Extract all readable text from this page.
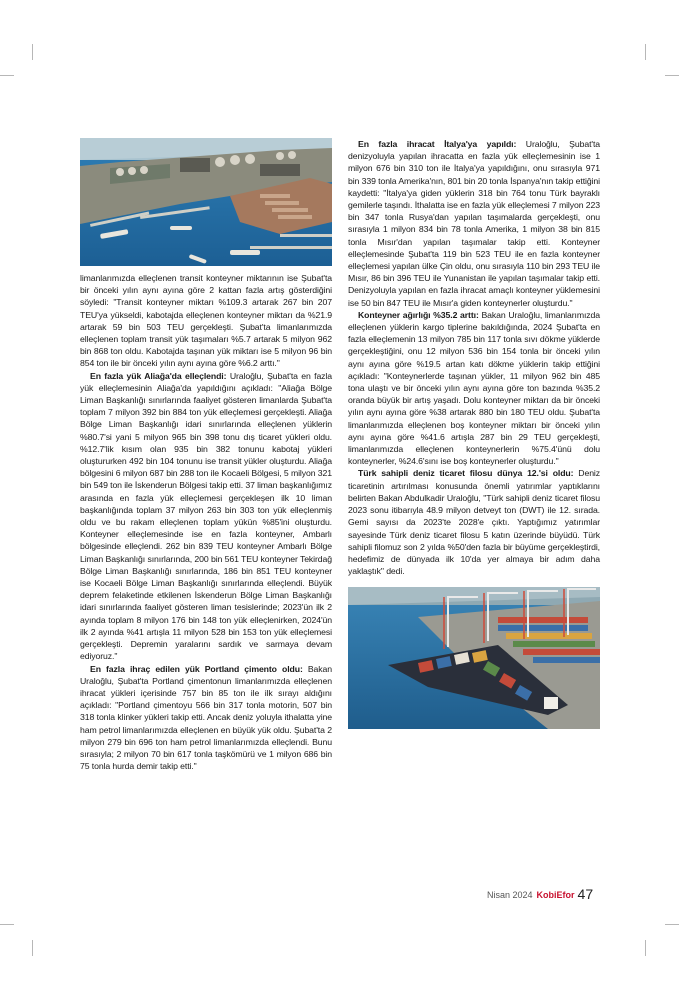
limanlarımızda elleçlenen transit konteyner miktarının ise Şubat'ta bir önceki yılın aynı ayına göre 2 kattan fazla artış gösterdiğini söyledi: "Transit konteyner miktarı %109.3 artarak 267 bin 207 TEU'ya yükseldi, kabotajda elleçlenen konteyner miktarı da %21.9 artarak 59 bin 503 TEU gerçekleşti. Şubat'ta limanlarımızda elleçlenen toplam transit yük taşımaları %5.7 artarak 5 milyon 962 bin 868 ton oldu. Kabotajda taşınan yük miktarı ise 5 milyon 96 bin 854 ton ile bir önceki yılın aynı ayına göre %6.2 arttı."

En fazla yük Aliağa'da elleçlendi: Uraloğlu, Şubat'ta en fazla yük elleçlemesinin Aliağa'da yapıldığını açıkladı: "Aliağa Bölge Liman Başkanlığı sınırlarında faaliyet gösteren limanlarda Şubat'ta toplam 7 milyon 392 bin 884 ton yük elleçlemesi gerçekleşti. Aliağa Bölge Liman Başkanlığı idari sınırlarında elleçlenen yüklerin %80.7'si yani 5 milyon 965 bin 398 tonu dış ticaret yükleri oldu. %12.7'lik kısım olan 935 bin 382 tonunu kabotaj yükleri oluştururken 492 bin 104 tonunu ise transit yükler oluşturdu. Aliağa bölgesini 6 milyon 687 bin 288 ton ile Kocaeli Bölgesi, 5 milyon 321 bin 549 ton ile İskenderun Bölgesi takip etti. 37 liman başkanlığımız arasında en fazla yük elleçlemesi gerçekleşen ilk 10 liman başkanlığında toplam 37 milyon 263 bin 303 ton yük elleçlenmiş oldu ve bu rakam elleçlenen toplam yükün %85'ini oluşturdu. Konteyner elleçlemesinde ise en fazla konteyner, Ambarlı bölgesinde elleçlendi. 262 bin 839 TEU konteyner Ambarlı Bölge Liman Başkanlığı sınırlarında, 200 bin 561 TEU konteyner Tekirdağ Bölge Liman Başkanlığı sınırlarında, 186 bin 851 TEU konteyner ise Kocaeli Bölge Liman Başkanlığı sınırlarında elleçlendi. Büyük deprem felaketinde etkilenen İskenderun Bölge Liman Başkanlığı idari sınırlarında faaliyet gösteren liman tesislerinde; 2023'ün ilk 2 ayında toplam 8 milyon 176 bin 148 ton yük elleçlenirken, 2024'ün ilk 2 ayında %41 artışla 11 milyon 528 bin 153 ton yük elleçlemesi gerçekleşti. Depremin yaralarını sardık ve sarmaya devam ediyoruz."

En fazla ihraç edilen yük Portland çimento oldu: Bakan Uraloğlu, Şubat'ta Portland çimentonun limanlarımızda elleçlenen ihracat yükleri içerisinde 757 bin 85 ton ile ilk sırayı aldığını açıkladı: "Portland çimentoyu 566 bin 317 tonla motorin, 507 bin 318 tonla klinker yükleri takip etti. Ancak deniz yoluyla ithalatta yine ham petrol limanlarımızda elleçlenen en büyük yük oldu. Şubat'ta 2 milyon 279 bin 696 ton ham petrol limanlarımızda elleçlendi. Bunu sırasıyla; 2 milyon 70 bin 617 tonla taşkömürü ve 1 milyon 686 bin 75 tonla hurda demir takip etti."

En fazla ihracat İtalya'ya yapıldı: Uraloğlu, Şubat'ta denizyoluyla yapılan ihracatta en fazla yük elleçlemesinin ise 1 milyon 676 bin 310 ton ile İtalya'ya yapıldığını, onu sırasıyla 971 bin 339 tonla Amerika'nın, 801 bin 20 tonla İspanya'nın takip ettiğini kaydetti: "İtalya'ya giden yüklerin 318 bin 764 tonu Türk bayraklı gemilerle taşındı. İthalatta ise en fazla yük elleçlemesi 7 milyon 223 bin 347 tonla Rusya'dan yapılan taşımalarda gerçekleşti, onu sırasıyla 1 milyon 834 bin 78 tonla Amerika, 1 milyon 38 bin 815 tonla Mısır'dan yapılan taşımalar takip etti. Konteyner elleçlemesinde Şubat'ta 119 bin 523 TEU ile en fazla konteyner elleçlemesi yapılan ülke Çin oldu, onu sırasıyla 110 bin 293 TEU ile Mısır, 86 bin 396 TEU ile Yunanistan ile yapılan taşımalar takip etti. Denizyoluyla yapılan en fazla ihracat amaçlı konteyner yüklemesini ise 50 bin 847 TEU ile Mısır'a giden konteynerler oluşturdu."

Konteyner ağırlığı %35.2 arttı: Bakan Uraloğlu, limanlarımızda elleçlenen yüklerin kargo tiplerine bakıldığında, 2024 Şubat'ta en fazla elleçlemenin 13 milyon 785 bin 117 tonla sıvı dökme yüklerde gerçekleştiğini, onu 12 milyon 536 bin 154 tonla bir önceki yılın aynı ayına göre %19.5 artan katı dökme yüklerin takip ettiğini açıkladı: "Konteynerlerde taşınan yükler, 11 milyon 962 bin 485 tona ulaştı ve bir önceki yılın aynı ayına göre ton bazında %35.2 oranda büyük bir artış yaşadı. Dolu konteyner miktarı da bir önceki yılın aynı ayına göre %38 artarak 880 bin 180 TEU oldu. Şubat'ta limanlarımızda elleçlenen boş konteyner miktarı bir önceki yılın aynı ayına göre %41.6 artışla 287 bin 29 TEU gerçekleşti, limanlarımızda elleçlenen konteynerlerin %75.4'ünü dolu konteynerler, %24.6'sını ise boş konteynerler oluşturdu."

Türk sahipli deniz ticaret filosu dünya 12.'si oldu: Deniz ticaretinin artırılması konusunda önemli yatırımlar yaptıklarını belirten Bakan Abdulkadir Uraloğlu, "Türk sahipli deniz ticaret filosu 2023 sonu itibarıyla 48.9 milyon detveyt ton (DWT) ile 12. sırada. Gemi sayısı da 2023'te 2028'e çıktı. Yaptığımız yatırımlar sayesinde Türk deniz ticaret filosu 5 katın üzerinde büyüdü. Türk sahipli filomuz son 2 yılda %50'den fazla bir büyüme gerçekleştirdi, hedefimiz de dünyada ilk 10'da yer almaya bir adım daha yaklaştık" dedi.

Nisan 2024 KobiEfor 47
